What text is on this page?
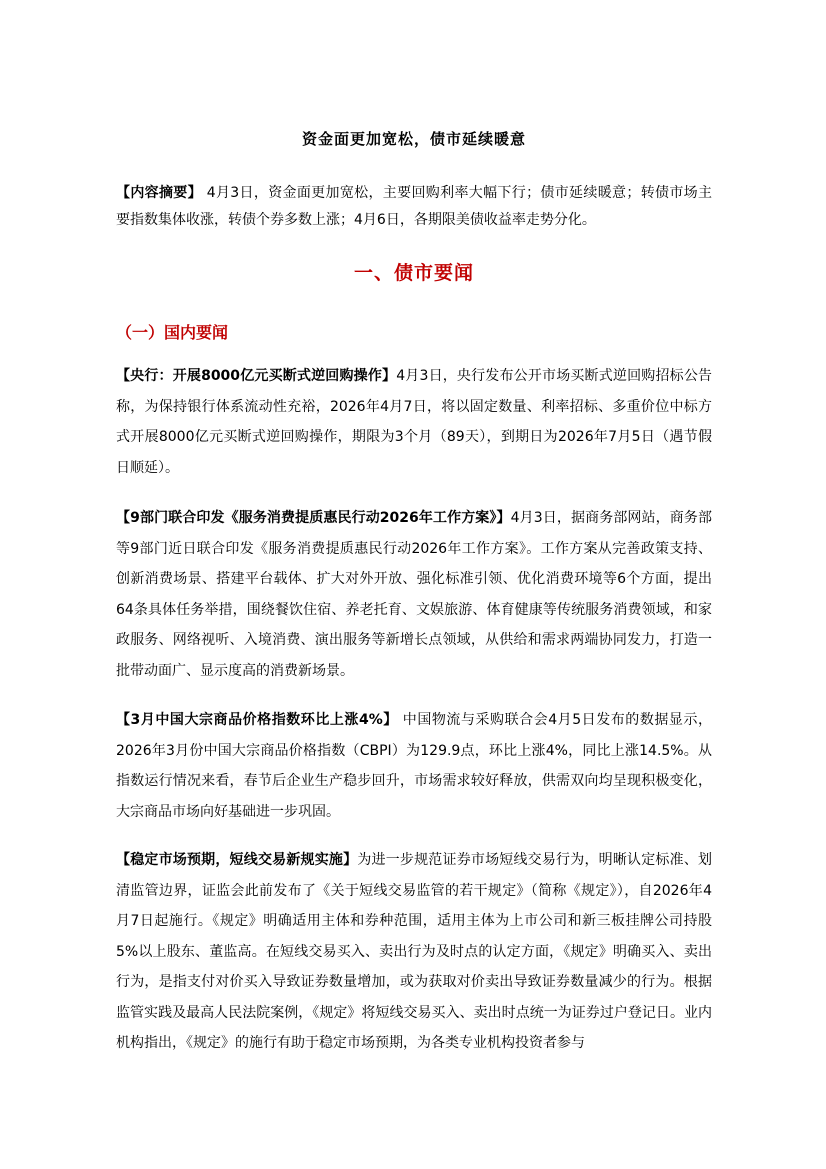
资金面更加宽松，债市延续暖意

【内容摘要】 4月3日，资金面更加宽松，主要回购利率大幅下行；债市延续暖意；转债市场主要指数集体收涨，转债个券多数上涨；4月6日，各期限美债收益率走势分化。

一、债市要闻
（一）国内要闻

【央行：开展8000亿元买断式逆回购操作】4月3日，央行发布公开市场买断式逆回购招标公告称，为保持银行体系流动性充裕，2026年4月7日，将以固定数量、利率招标、多重价位中标方式开展8000亿元买断式逆回购操作，期限为3个月（89天），到期日为2026年7月5日（遇节假日顺延）。

【9部门联合印发《服务消费提质惠民行动2026年工作方案》】4月3日，据商务部网站，商务部等9部门近日联合印发《服务消费提质惠民行动2026年工作方案》。工作方案从完善政策支持、创新消费场景、搭建平台载体、扩大对外开放、强化标准引领、优化消费环境等6个方面，提出64条具体任务举措，围绕餐饮住宿、养老托育、文娱旅游、体育健康等传统服务消费领域，和家政服务、网络视听、入境消费、演出服务等新增长点领域，从供给和需求两端协同发力，打造一批带动面广、显示度高的消费新场景。

【3月中国大宗商品价格指数环比上涨4%】 中国物流与采购联合会4月5日发布的数据显示，2026年3月份中国大宗商品价格指数（CBPI）为129.9点，环比上涨4%，同比上涨14.5%。从指数运行情况来看，春节后企业生产稳步回升，市场需求较好释放，供需双向均呈现积极变化，大宗商品市场向好基础进一步巩固。

【稳定市场预期，短线交易新规实施】为进一步规范证券市场短线交易行为，明晰认定标准、划清监管边界，证监会此前发布了《关于短线交易监管的若干规定》（简称《规定》），自2026年4月7日起施行。《规定》明确适用主体和券种范围，适用主体为上市公司和新三板挂牌公司持股5%以上股东、董监高。在短线交易买入、卖出行为及时点的认定方面，《规定》明确买入、卖出行为，是指支付对价买入导致证券数量增加，或为获取对价卖出导致证券数量减少的行为。根据监管实践及最高人民法院案例，《规定》将短线交易买入、卖出时点统一为证券过户登记日。业内机构指出，《规定》的施行有助于稳定市场预期，为各类专业机构投资者参与
